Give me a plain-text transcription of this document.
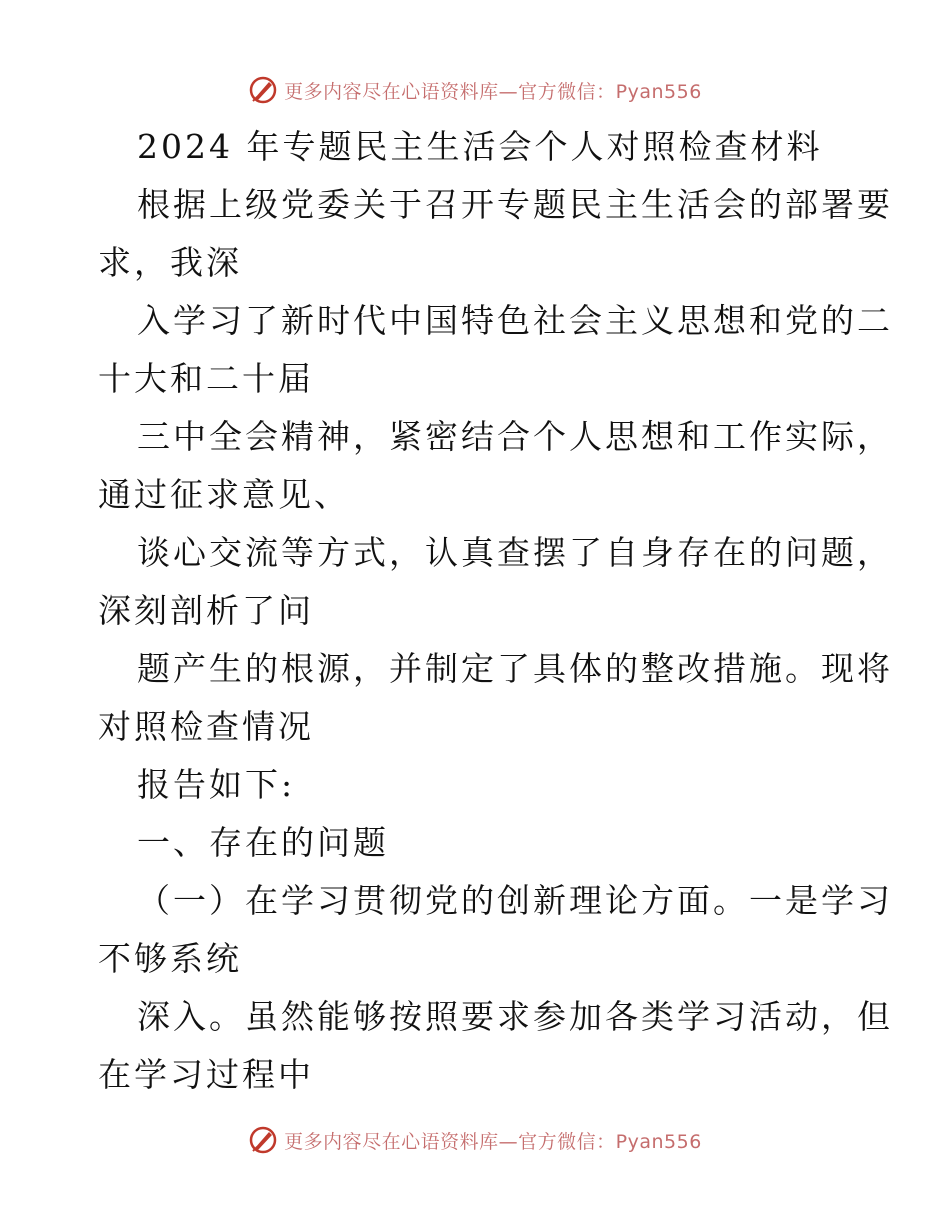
更多内容尽在心语资料库—官方微信：Pyan556
2024 年专题民主生活会个人对照检查材料
根据上级党委关于召开专题民主生活会的部署要
求，我深
入学习了新时代中国特色社会主义思想和党的二
十大和二十届
三中全会精神，紧密结合个人思想和工作实际，
通过征求意见、
谈心交流等方式，认真查摆了自身存在的问题，
深刻剖析了问
题产生的根源，并制定了具体的整改措施。现将
对照检查情况
报告如下:
一、存在的问题
（一）在学习贯彻党的创新理论方面。一是学习
不够系统
深入。虽然能够按照要求参加各类学习活动，但
在学习过程中
更多内容尽在心语资料库—官方微信：Pyan556
